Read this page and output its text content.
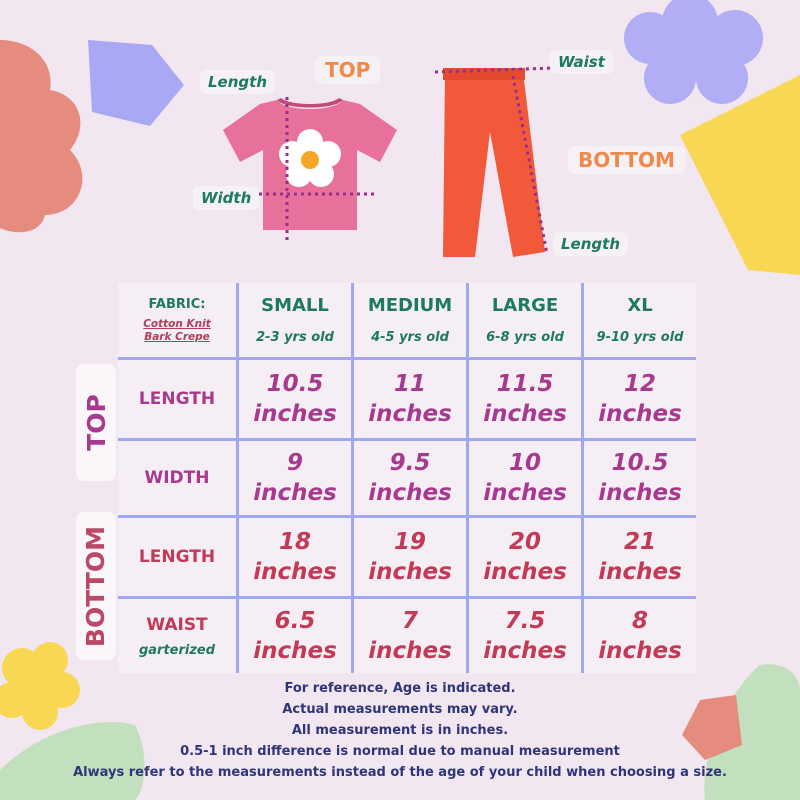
TOP
BOTTOM
Length
Width
Waist
Length
TOP
BOTTOM
FABRIC:
Cotton Knit
Bark Crepe
SMALL
2-3 yrs old
MEDIUM
4-5 yrs old
LARGE
6-8 yrs old
XL
9-10 yrs old
LENGTH
10.5
inches
11
inches
11.5
inches
12
inches
WIDTH
9
inches
9.5
inches
10
inches
10.5
inches
LENGTH
18
inches
19
inches
20
inches
21
inches
WAIST
garterized
6.5
inches
7
inches
7.5
inches
8
inches
For reference, Age is indicated.
Actual measurements may vary.
All measurement is in inches.
0.5-1 inch difference is normal due to manual measurement
Always refer to the measurements instead of the age of your child when choosing a size.
